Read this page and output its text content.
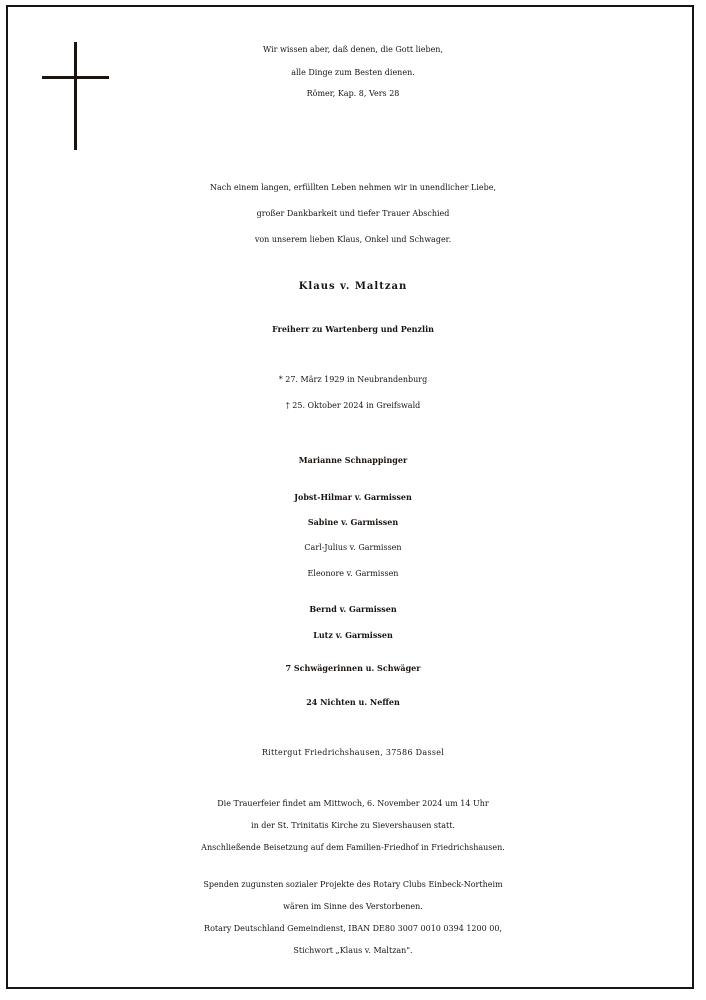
Wir wissen aber, daß denen, die Gott lieben,
alle Dinge zum Besten dienen.
Römer, Kap. 8, Vers 28
Nach einem langen, erfüllten Leben nehmen wir in unendlicher Liebe,
großer Dankbarkeit und tiefer Trauer Abschied
von unserem lieben Klaus, Onkel und Schwager.
Klaus v. Maltzan
Freiherr zu Wartenberg und Penzlin
* 27. März 1929 in Neubrandenburg
† 25. Oktober 2024 in Greifswald
Marianne Schnappinger
Jobst-Hilmar v. Garmissen
Sabine v. Garmissen
Carl-Julius v. Garmissen
Eleonore v. Garmissen
Bernd v. Garmissen
Lutz v. Garmissen
7 Schwägerinnen u. Schwäger
24 Nichten u. Neffen
Rittergut Friedrichshausen, 37586 Dassel
Die Trauerfeier findet am Mittwoch, 6. November 2024 um 14 Uhr
in der St. Trinitatis Kirche zu Sievershausen statt.
Anschließende Beisetzung auf dem Familien-Friedhof in Friedrichshausen.
Spenden zugunsten sozialer Projekte des Rotary Clubs Einbeck-Northeim
wären im Sinne des Verstorbenen.
Rotary Deutschland Gemeindienst, IBAN DE80 3007 0010 0394 1200 00,
Stichwort „Klaus v. Maltzan".
